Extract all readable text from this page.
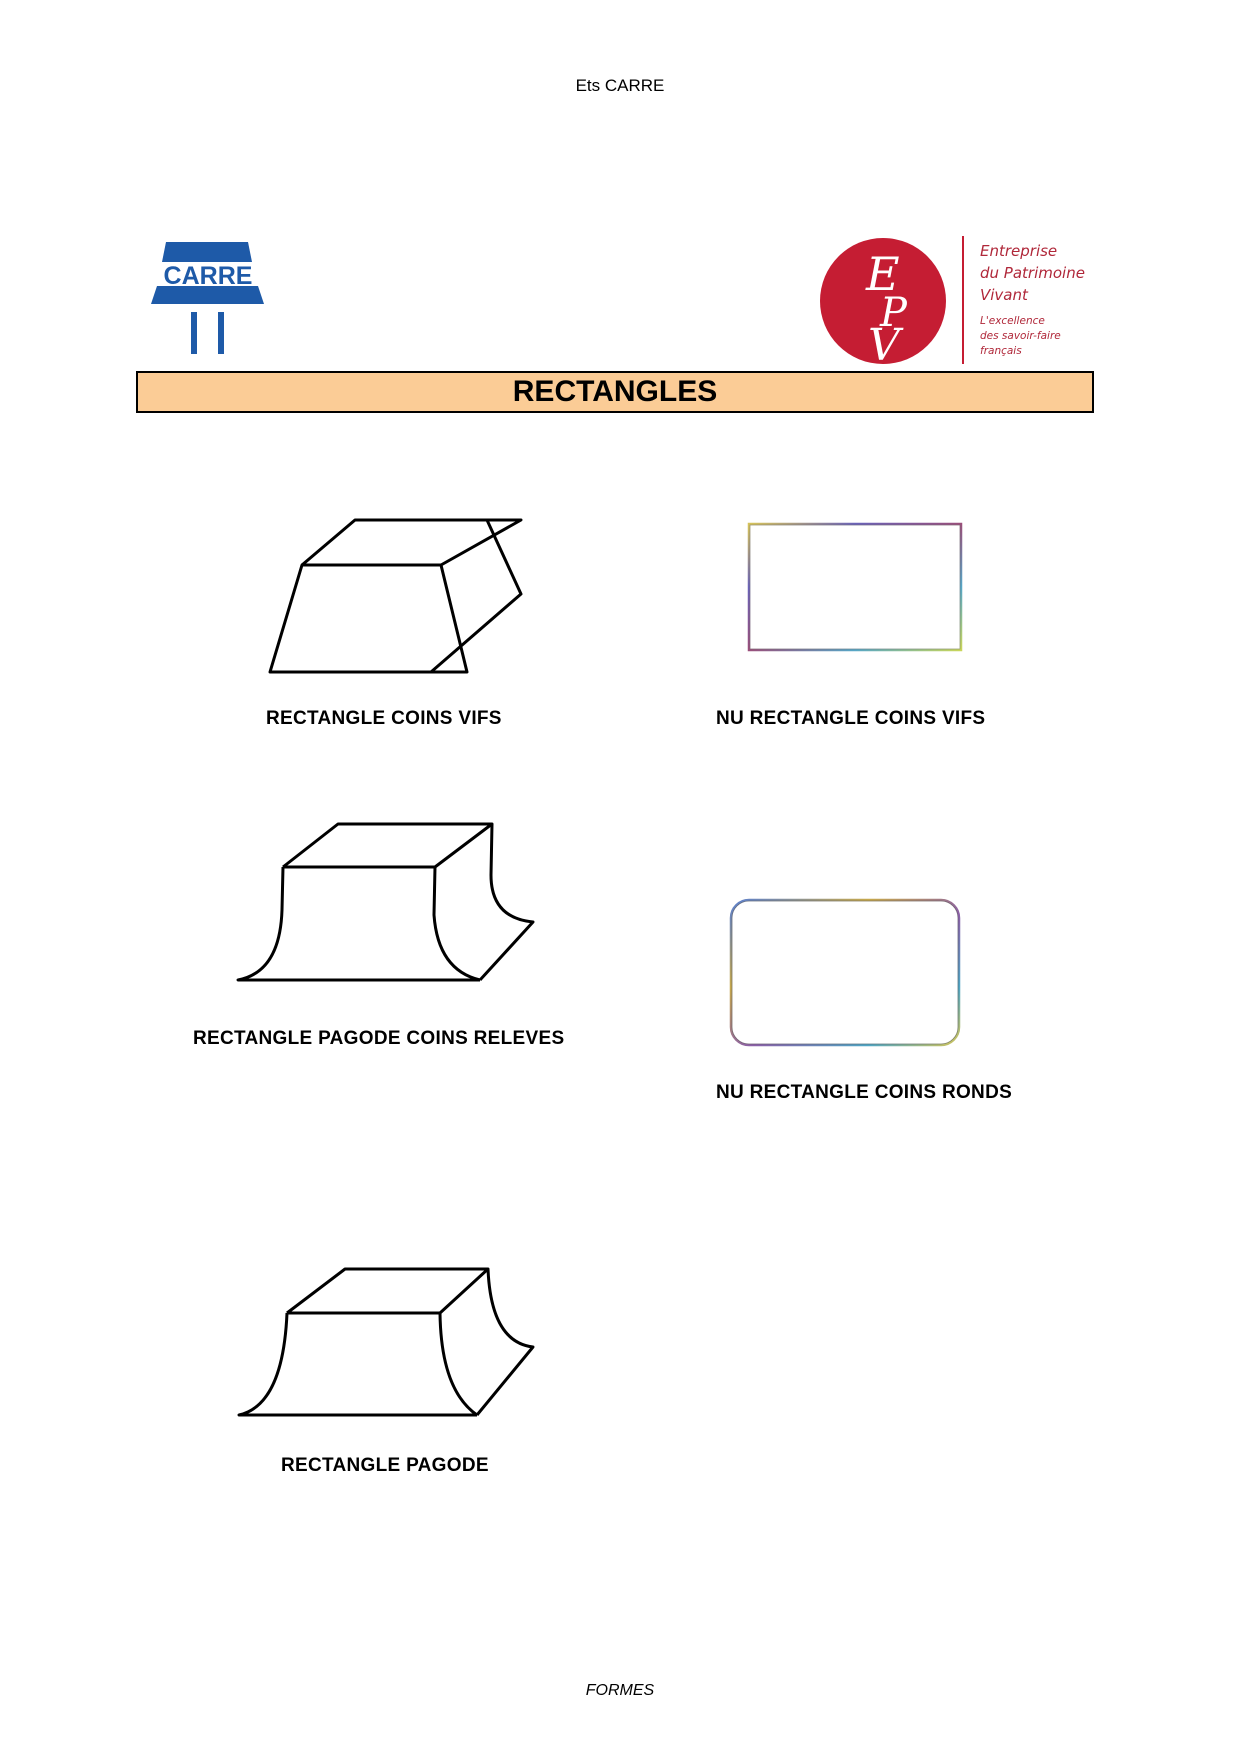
Ets CARRE
CARRE	E
P
V
Entreprise
du Patrimoine
Vivant
L'excellence
des savoir-faire
français
RECTANGLES
RECTANGLE COINS VIFS	NU RECTANGLE COINS VIFS
RECTANGLE PAGODE COINS RELEVES
NU RECTANGLE COINS RONDS
RECTANGLE PAGODE
FORMES
